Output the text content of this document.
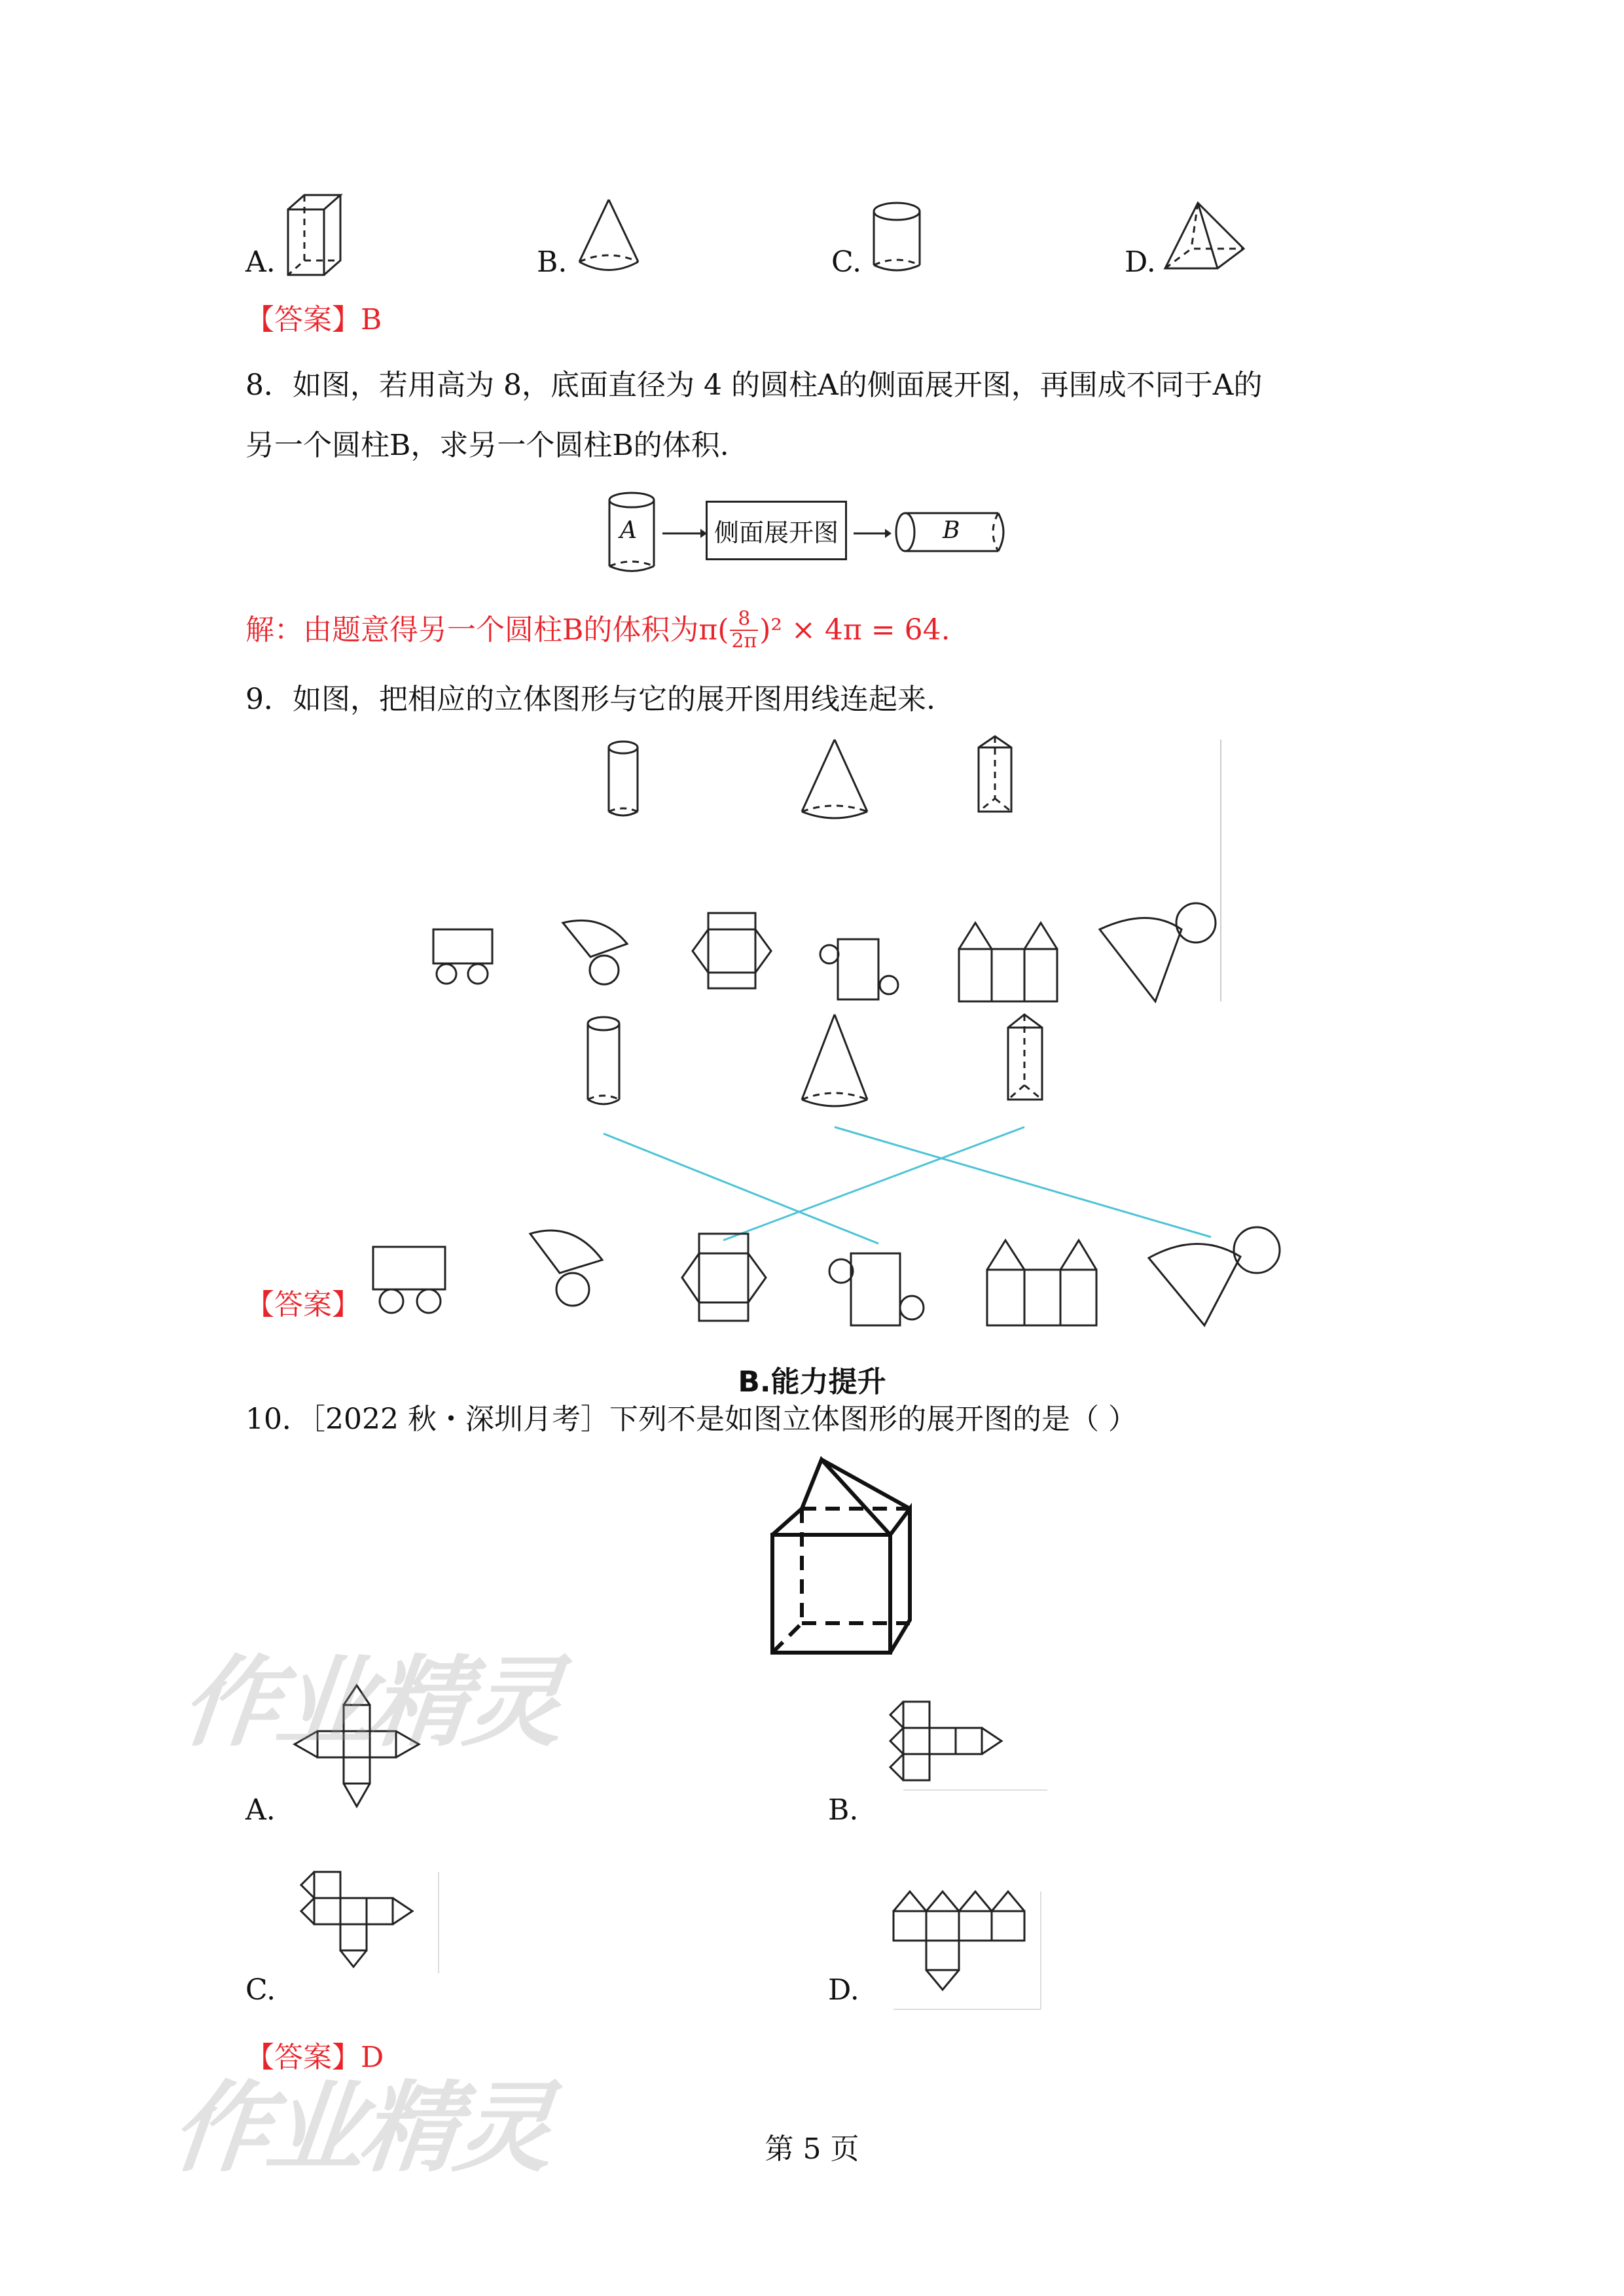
A.	B.	C.	D.
【答案】B
8．如图，若用高为 8，底面直径为 4 的圆柱A的侧面展开图，再围成不同于A的
另一个圆柱B，求另一个圆柱B的体积.
A	侧面展开图	B
解：由题意得另一个圆柱B的体积为$\pi( \frac{8}{2\pi} )^2 \times 4\pi = 64$.
9．如图，把相应的立体图形与它的展开图用线连起来.
【答案】
B.能力提升
10．［2022 秋・深圳月考］下列不是如图立体图形的展开图的是（ ）
A.	B.
C.	D.
【答案】D
作业精灵
作业精灵	第 5 页
